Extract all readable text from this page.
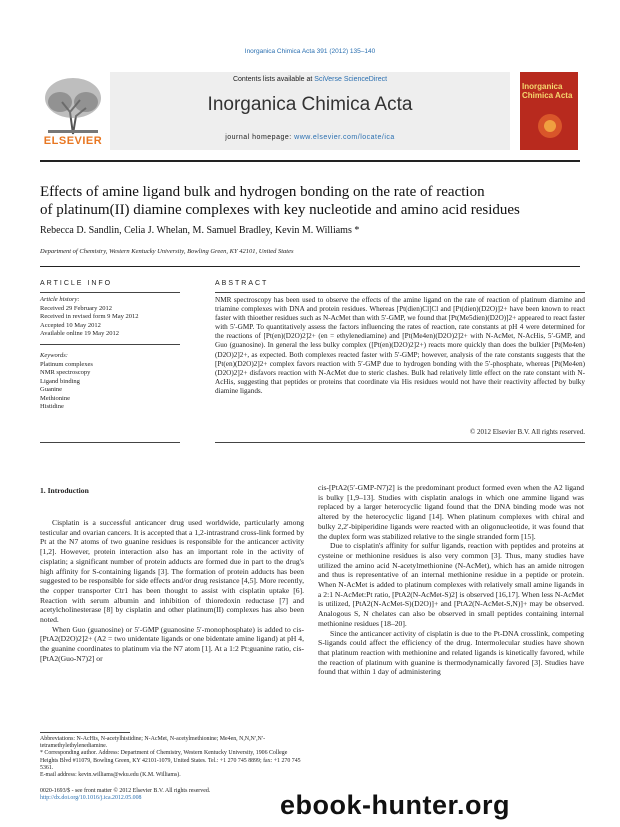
Inorganica Chimica Acta 391 (2012) 135–140
ELSEVIER
Contents lists available at SciVerse ScienceDirect
Inorganica Chimica Acta
journal homepage: www.elsevier.com/locate/ica
Inorganica
Chimica Acta
Effects of amine ligand bulk and hydrogen bonding on the rate of reaction
of platinum(II) diamine complexes with key nucleotide and amino acid residues
Rebecca D. Sandlin, Celia J. Whelan, M. Samuel Bradley, Kevin M. Williams *
Department of Chemistry, Western Kentucky University, Bowling Green, KY 42101, United States
ARTICLE INFO
Article history:
Received 29 February 2012
Received in revised form 9 May 2012
Accepted 10 May 2012
Available online 19 May 2012
Keywords:
Platinum complexes
NMR spectroscopy
Ligand binding
Guanine
Methionine
Histidine
ABSTRACT
NMR spectroscopy has been used to observe the effects of the amine ligand on the rate of reaction of platinum diamine and triamine complexes with DNA and protein residues. Whereas [Pt(dien)Cl]Cl and [Pt(dien)(D2O)]2+ have been known to react faster with thioether residues such as N-AcMet than with 5′-GMP, we found that [Pt(Me5dien)(D2O)]2+ appeared to react faster with 5′-GMP. To quantitatively assess the factors influencing the rates of reaction, rate constants at pH 4 were determined for the reactions of [Pt(en)(D2O)2]2+ (en = ethylenediamine) and [Pt(Me4en)(D2O)2]2+ with N-AcMet, N-AcHis, 5′-GMP, and Guo (guanosine). In general the less bulky complex ([Pt(en)(D2O)2]2+) reacts more quickly than does the bulkier [Pt(Me4en)(D2O)2]2+, as expected. Both complexes reacted faster with 5′-GMP; however, analysis of the rate constants suggests that the [Pt(en)(D2O)2]2+ complex favors reaction with 5′-GMP due to hydrogen bonding with the 5′-phosphate, whereas [Pt(Me4en)(D2O)2]2+ disfavors reaction with N-AcMet due to steric clashes. Bulk had relatively little effect on the rate constant with N-AcHis, suggesting that peptides or proteins that coordinate via His residues would not have their reactivity affected by bulky diamine ligands.
© 2012 Elsevier B.V. All rights reserved.
1. Introduction

Cisplatin is a successful anticancer drug used worldwide, particularly among testicular and ovarian cancers. It is accepted that a 1,2-intrastrand cross-link formed by Pt at the N7 atoms of two guanine residues is responsible for the anticancer activity [1,2]. However, protein interaction also has an important role in the activity of cisplatin; a significant number of protein adducts are formed due in part to the drug's high affinity for S-containing ligands [3]. The formation of protein adducts has been suggested to be responsible for side effects and/or drug resistance [4,5]. More recently, the copper transporter Ctr1 has been thought to assist with cisplatin uptake [6]. Reaction with serum albumin and inhibition of thioredoxin reductase [7] and acetylcholinesterase [8] by cisplatin and other platinum(II) complexes has also been noted.

When Guo (guanosine) or 5′-GMP (guanosine 5′-monophosphate) is added to cis-[PtA2(D2O)2]2+ (A2 = two unidentate ligands or one bidentate amine ligand) at pH 4, the guanine coordinates to platinum via the N7 atom [1]. At a 1:2 Pt:guanine ratio, cis-[PtA2(Guo-N7)2] or

cis-[PtA2(5′-GMP-N7)2] is the predominant product formed even when the A2 ligand is bulky [1,9–13]. Studies with cisplatin analogs in which one ammine ligand was replaced by a larger heterocyclic ligand found that the DNA binding mode was not altered by the heterocyclic ligand [14]. When platinum complexes with chiral and bulky 2,2′-bipiperidine ligands were reacted with an oligonucleotide, it was found that the duplex form was stabilized relative to the single stranded form [15].

Due to cisplatin's affinity for sulfur ligands, reaction with peptides and proteins at cysteine or methionine residues is also very common [3]. Thus, many studies have utilized the amino acid N-acetylmethionine (N-AcMet), which has an amide nitrogen and thus is representative of an internal methionine residue in a peptide or protein. When N-AcMet is added to platinum complexes with relatively small amine ligands in a 2:1 N-AcMet:Pt ratio, [PtA2(N-AcMet-S)2] is observed [16,17]. When less N-AcMet is utilized, [PtA2(N-AcMet-S)(D2O)]+ and [PtA2(N-AcMet-S,N)]+ may be observed. Analogous S, N chelates can also be observed in small peptides containing internal methionine residues [18–20].

Since the anticancer activity of cisplatin is due to the Pt-DNA crosslink, competing S-ligands could affect the efficiency of the drug. Intermolecular studies have shown that platinum reaction with methionine and related ligands is kinetically favored, while the reaction of platinum with guanine is thermodynamically favored [3]. Studies have found that within 1 day of administering

Abbreviations: N-AcHis, N-acetylhistidine; N-AcMet, N-acetylmethionine; Me4en, N,N,N′,N′-tetramethylethylenediamine.

* Corresponding author. Address: Department of Chemistry, Western Kentucky University, 1906 College Heights Blvd #11079, Bowling Green, KY 42101-1079, United States. Tel.: +1 270 745 8899; fax: +1 270 745 5361.

E-mail address: kevin.williams@wku.edu (K.M. Williams).

0020-1693/$ - see front matter © 2012 Elsevier B.V. All rights reserved.
http://dx.doi.org/10.1016/j.ica.2012.05.008	ebook-hunter.org
